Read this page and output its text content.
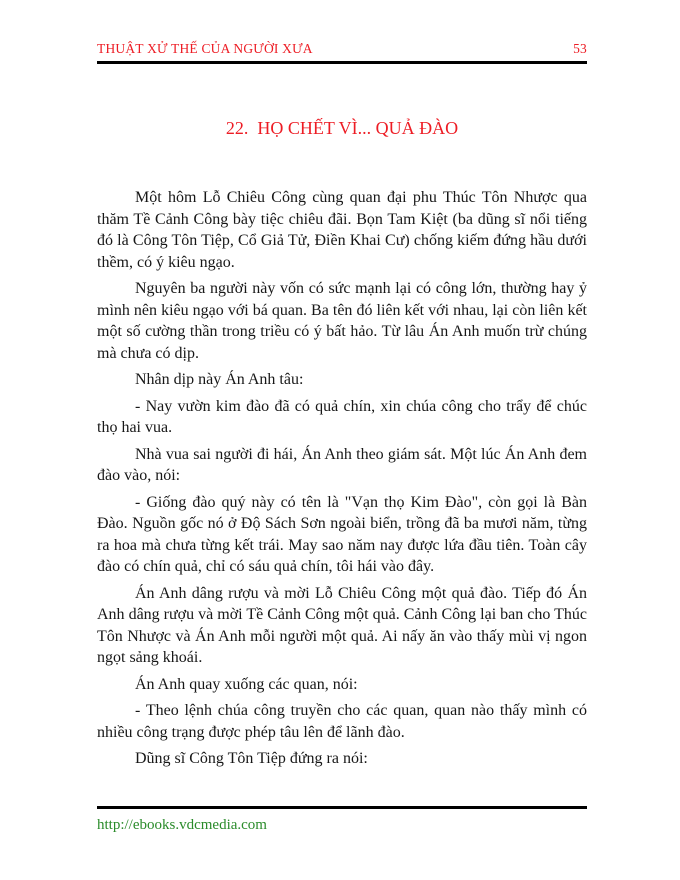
THUẬT XỬ THẾ CỦA NGƯỜI XƯA	53
22.  HỌ CHẾT VÌ... QUẢ ĐÀO

Một hôm Lỗ Chiêu Công cùng quan đại phu Thúc Tôn Nhược qua thăm Tề Cảnh Công bày tiệc chiêu đãi. Bọn Tam Kiệt (ba dũng sĩ nổi tiếng đó là Công Tôn Tiệp, Cổ Giả Tử, Điền Khai Cư) chống kiếm đứng hầu dưới thềm, có ý kiêu ngạo.

Nguyên ba người này vốn có sức mạnh lại có công lớn, thường hay ỷ mình nên kiêu ngạo với bá quan. Ba tên đó liên kết với nhau, lại còn liên kết một số cường thần trong triều có ý bất hảo. Từ lâu Án Anh muốn trừ chúng mà chưa có dịp.

Nhân dịp này Án Anh tâu:

- Nay vườn kim đào đã có quả chín, xin chúa công cho trẩy để chúc thọ hai vua.

Nhà vua sai người đi hái, Án Anh theo giám sát. Một lúc Án Anh đem đào vào, nói:

- Giống đào quý này có tên là "Vạn thọ Kim Đào", còn gọi là Bàn Đào. Nguồn gốc nó ở Độ Sách Sơn ngoài biển, trồng đã ba mươi năm, từng ra hoa mà chưa từng kết trái. May sao năm nay được lứa đầu tiên. Toàn cây đào có chín quả, chỉ có sáu quả chín, tôi hái vào đây.

Án Anh dâng rượu và mời Lỗ Chiêu Công một quả đào. Tiếp đó Án Anh dâng rượu và mời Tề Cảnh Công một quả. Cảnh Công lại ban cho Thúc Tôn Nhược và Án Anh mỗi người một quả. Ai nấy ăn vào thấy mùi vị ngon ngọt sảng khoái.

Án Anh quay xuống các quan, nói:

- Theo lệnh chúa công truyền cho các quan, quan nào thấy mình có nhiều công trạng được phép tâu lên để lãnh đào.

Dũng sĩ Công Tôn Tiệp đứng ra nói:

http://ebooks.vdcmedia.com
